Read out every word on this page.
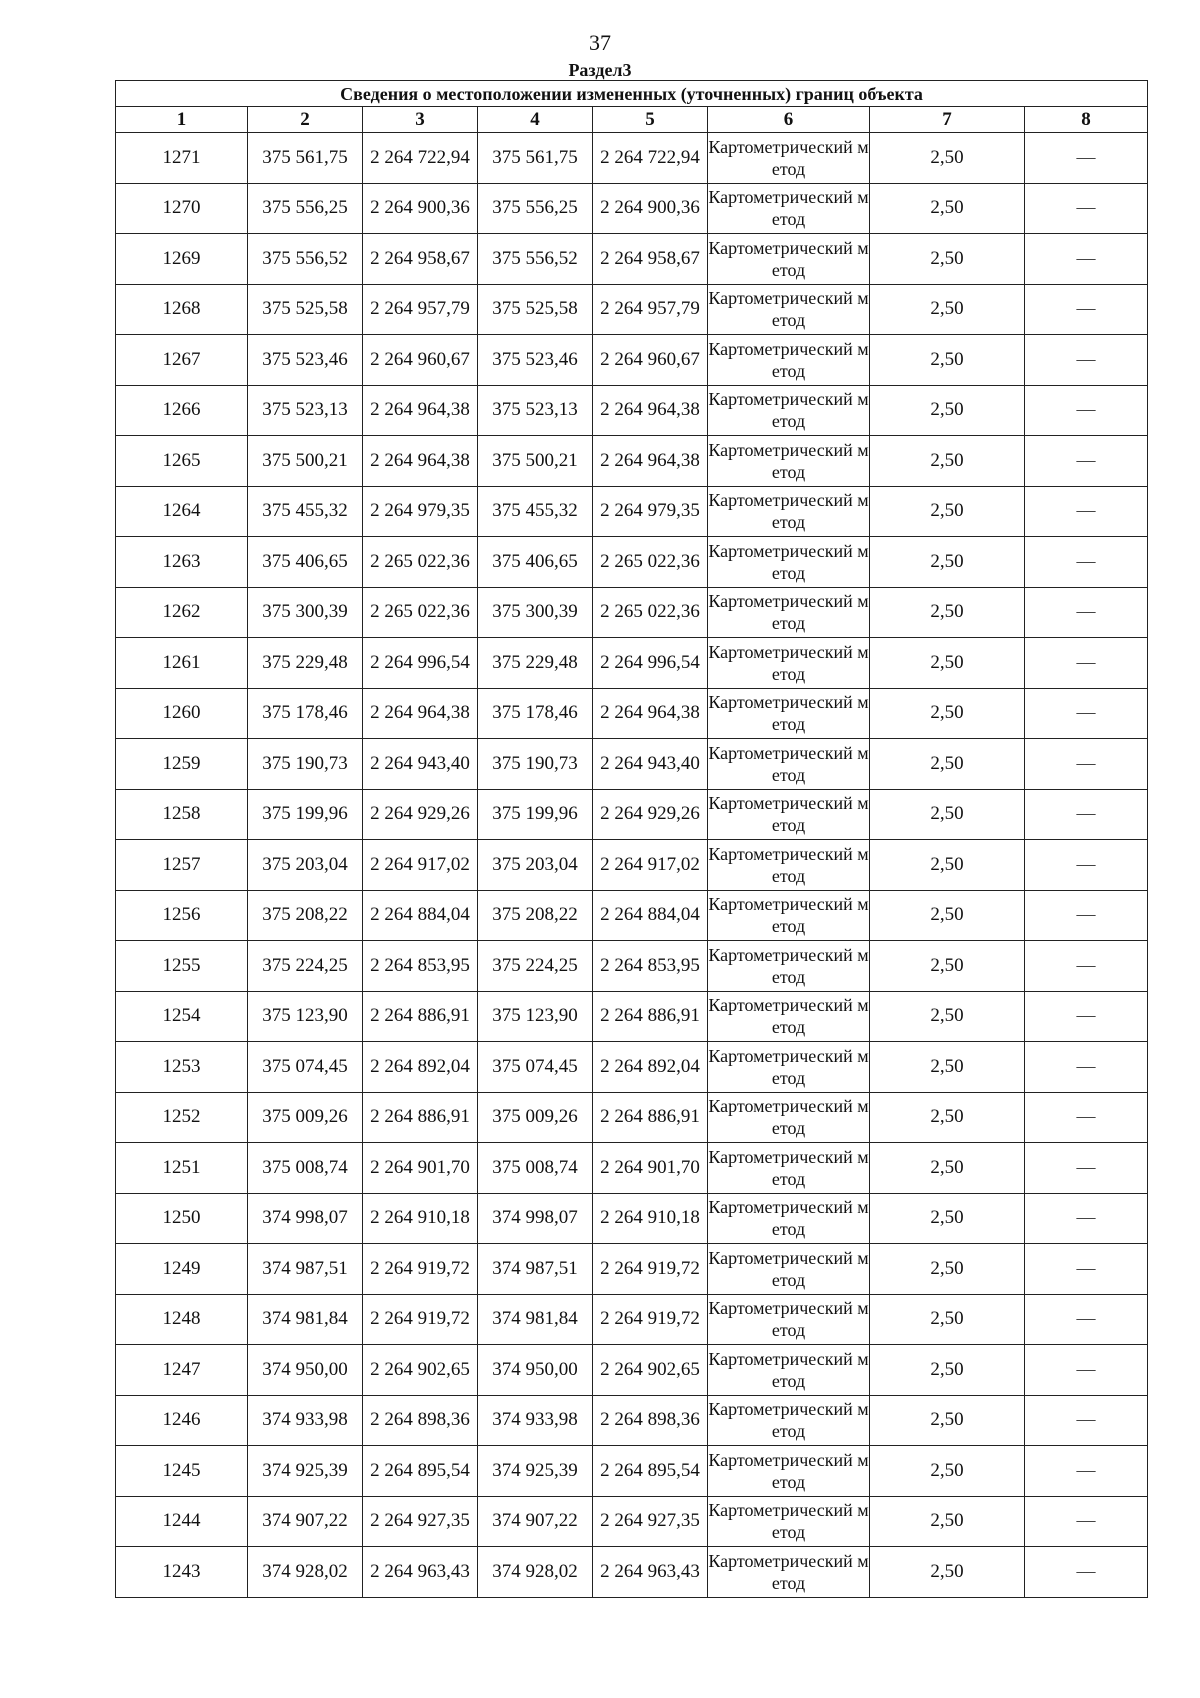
37
Раздел3
Сведения о местоположении измененных (уточненных) границ объекта							
1	2	3	4	5	6	7	8
1271	375 561,75	2 264 722,94	375 561,75	2 264 722,94	Картометрический метод	2,50	—
1270	375 556,25	2 264 900,36	375 556,25	2 264 900,36	Картометрический метод	2,50	—
1269	375 556,52	2 264 958,67	375 556,52	2 264 958,67	Картометрический метод	2,50	—
1268	375 525,58	2 264 957,79	375 525,58	2 264 957,79	Картометрический метод	2,50	—
1267	375 523,46	2 264 960,67	375 523,46	2 264 960,67	Картометрический метод	2,50	—
1266	375 523,13	2 264 964,38	375 523,13	2 264 964,38	Картометрический метод	2,50	—
1265	375 500,21	2 264 964,38	375 500,21	2 264 964,38	Картометрический метод	2,50	—
1264	375 455,32	2 264 979,35	375 455,32	2 264 979,35	Картометрический метод	2,50	—
1263	375 406,65	2 265 022,36	375 406,65	2 265 022,36	Картометрический метод	2,50	—
1262	375 300,39	2 265 022,36	375 300,39	2 265 022,36	Картометрический метод	2,50	—
1261	375 229,48	2 264 996,54	375 229,48	2 264 996,54	Картометрический метод	2,50	—
1260	375 178,46	2 264 964,38	375 178,46	2 264 964,38	Картометрический метод	2,50	—
1259	375 190,73	2 264 943,40	375 190,73	2 264 943,40	Картометрический метод	2,50	—
1258	375 199,96	2 264 929,26	375 199,96	2 264 929,26	Картометрический метод	2,50	—
1257	375 203,04	2 264 917,02	375 203,04	2 264 917,02	Картометрический метод	2,50	—
1256	375 208,22	2 264 884,04	375 208,22	2 264 884,04	Картометрический метод	2,50	—
1255	375 224,25	2 264 853,95	375 224,25	2 264 853,95	Картометрический метод	2,50	—
1254	375 123,90	2 264 886,91	375 123,90	2 264 886,91	Картометрический метод	2,50	—
1253	375 074,45	2 264 892,04	375 074,45	2 264 892,04	Картометрический метод	2,50	—
1252	375 009,26	2 264 886,91	375 009,26	2 264 886,91	Картометрический метод	2,50	—
1251	375 008,74	2 264 901,70	375 008,74	2 264 901,70	Картометрический метод	2,50	—
1250	374 998,07	2 264 910,18	374 998,07	2 264 910,18	Картометрический метод	2,50	—
1249	374 987,51	2 264 919,72	374 987,51	2 264 919,72	Картометрический метод	2,50	—
1248	374 981,84	2 264 919,72	374 981,84	2 264 919,72	Картометрический метод	2,50	—
1247	374 950,00	2 264 902,65	374 950,00	2 264 902,65	Картометрический метод	2,50	—
1246	374 933,98	2 264 898,36	374 933,98	2 264 898,36	Картометрический метод	2,50	—
1245	374 925,39	2 264 895,54	374 925,39	2 264 895,54	Картометрический метод	2,50	—
1244	374 907,22	2 264 927,35	374 907,22	2 264 927,35	Картометрический метод	2,50	—
1243	374 928,02	2 264 963,43	374 928,02	2 264 963,43	Картометрический метод	2,50	—
